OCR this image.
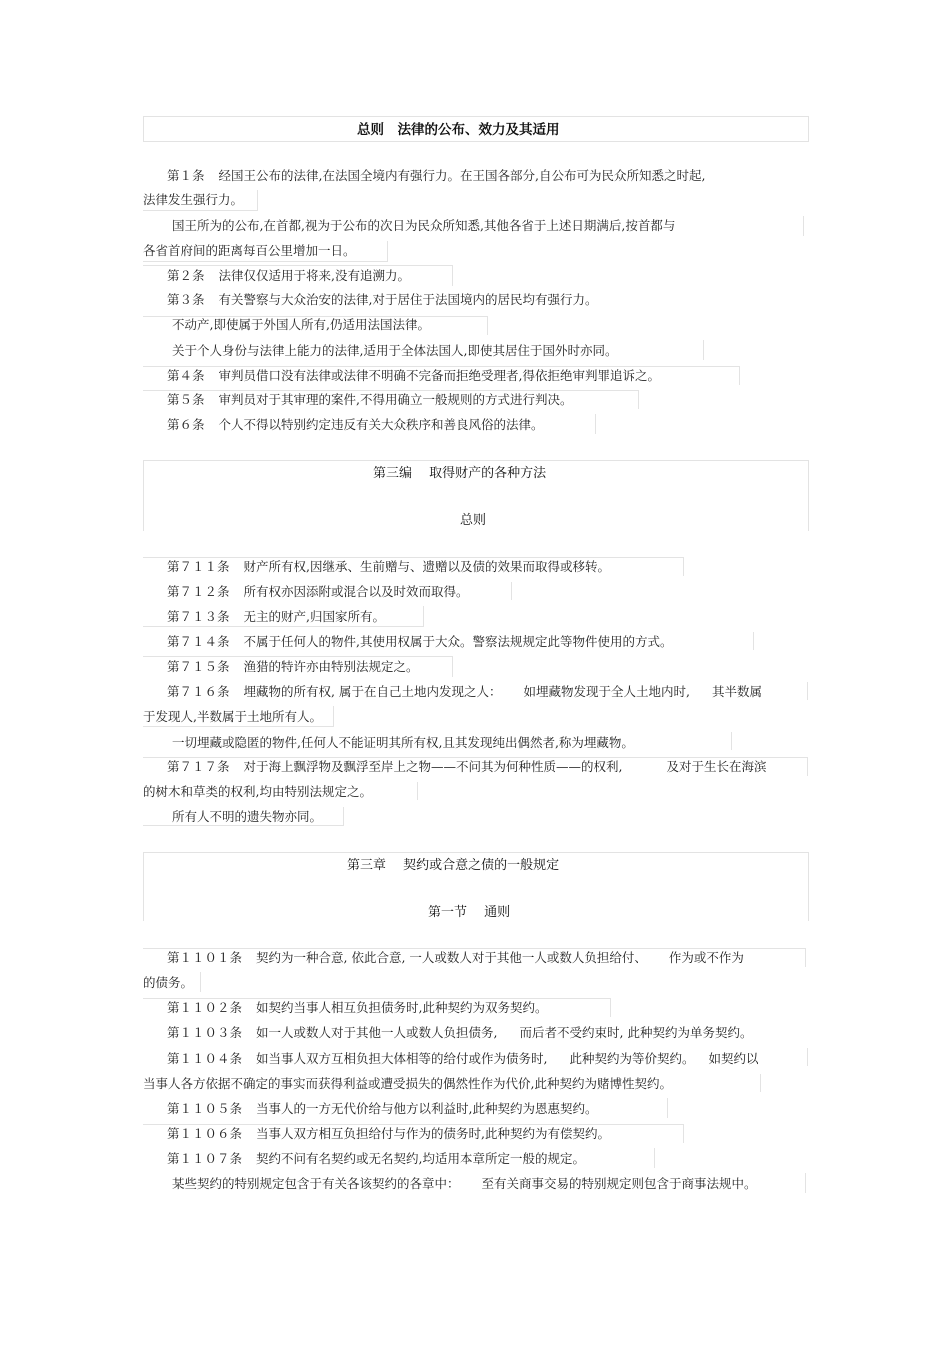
总则　法律的公布、效力及其适用
第１条 经国王公布的法律,在法国全境内有强行力。在王国各部分,自公布可为民众所知悉之时起,
法律发生强行力。
国王所为的公布,在首都,视为于公布的次日为民众所知悉,其他各省于上述日期满后,按首都与
各省首府间的距离每百公里增加一日。
第２条 法律仅仅适用于将来,没有追溯力。
第３条 有关警察与大众治安的法律,对于居住于法国境内的居民均有强行力。
不动产,即使属于外国人所有,仍适用法国法律。
关于个人身份与法律上能力的法律,适用于全体法国人,即使其居住于国外时亦同。
第４条 审判员借口没有法律或法律不明确不完备而拒绝受理者,得依拒绝审判罪追诉之。
第５条 审判员对于其审理的案件,不得用确立一般规则的方式进行判决。
第６条 个人不得以特别约定违反有关大众秩序和善良风俗的法律。
第三编　 取得财产的各种方法
总则
第７１１条 财产所有权,因继承、生前赠与、遗赠以及债的效果而取得或移转。
第７１２条 所有权亦因添附或混合以及时效而取得。
第７１３条 无主的财产,归国家所有。
第７１４条 不属于任何人的物件,其使用权属于大众。警察法规规定此等物件使用的方式。
第７１５条 渔猎的特许亦由特别法规定之。
第７１６条 埋藏物的所有权, 属于在自己土地内发现之人： 如埋藏物发现于全人土地内时, 其半数属
于发现人,半数属于土地所有人。
一切埋藏或隐匿的物件,任何人不能证明其所有权,且其发现纯出偶然者,称为埋藏物。
第７１７条 对于海上飘浮物及飘浮至岸上之物——不问其为何种性质——的权利,	及对于生长在海滨
的树木和草类的权利,均由特别法规定之。
所有人不明的遗失物亦同。
第三章　 契约或合意之债的一般规定
第一节　 通则
第１１０１条 契约为一种合意, 依此合意, 一人或数人对于其他一人或数人负担给付、 作为或不作为
的债务。
第１１０２条 如契约当事人相互负担债务时,此种契约为双务契约。
第１１０３条 如一人或数人对于其他一人或数人负担债务, 而后者不受约束时, 此种契约为单务契约。
第１１０４条 如当事人双方互相负担大体相等的给付或作为债务时, 此种契约为等价契约。 如契约以
当事人各方依据不确定的事实而获得利益或遭受损失的偶然性作为代价,此种契约为赌博性契约。
第１１０５条 当事人的一方无代价给与他方以利益时,此种契约为恩惠契约。
第１１０６条 当事人双方相互负担给付与作为的债务时,此种契约为有偿契约。
第１１０７条 契约不问有名契约或无名契约,均适用本章所定一般的规定。
某些契约的特别规定包含于有关各该契约的各章中： 至有关商事交易的特别规定则包含于商事法规中。
